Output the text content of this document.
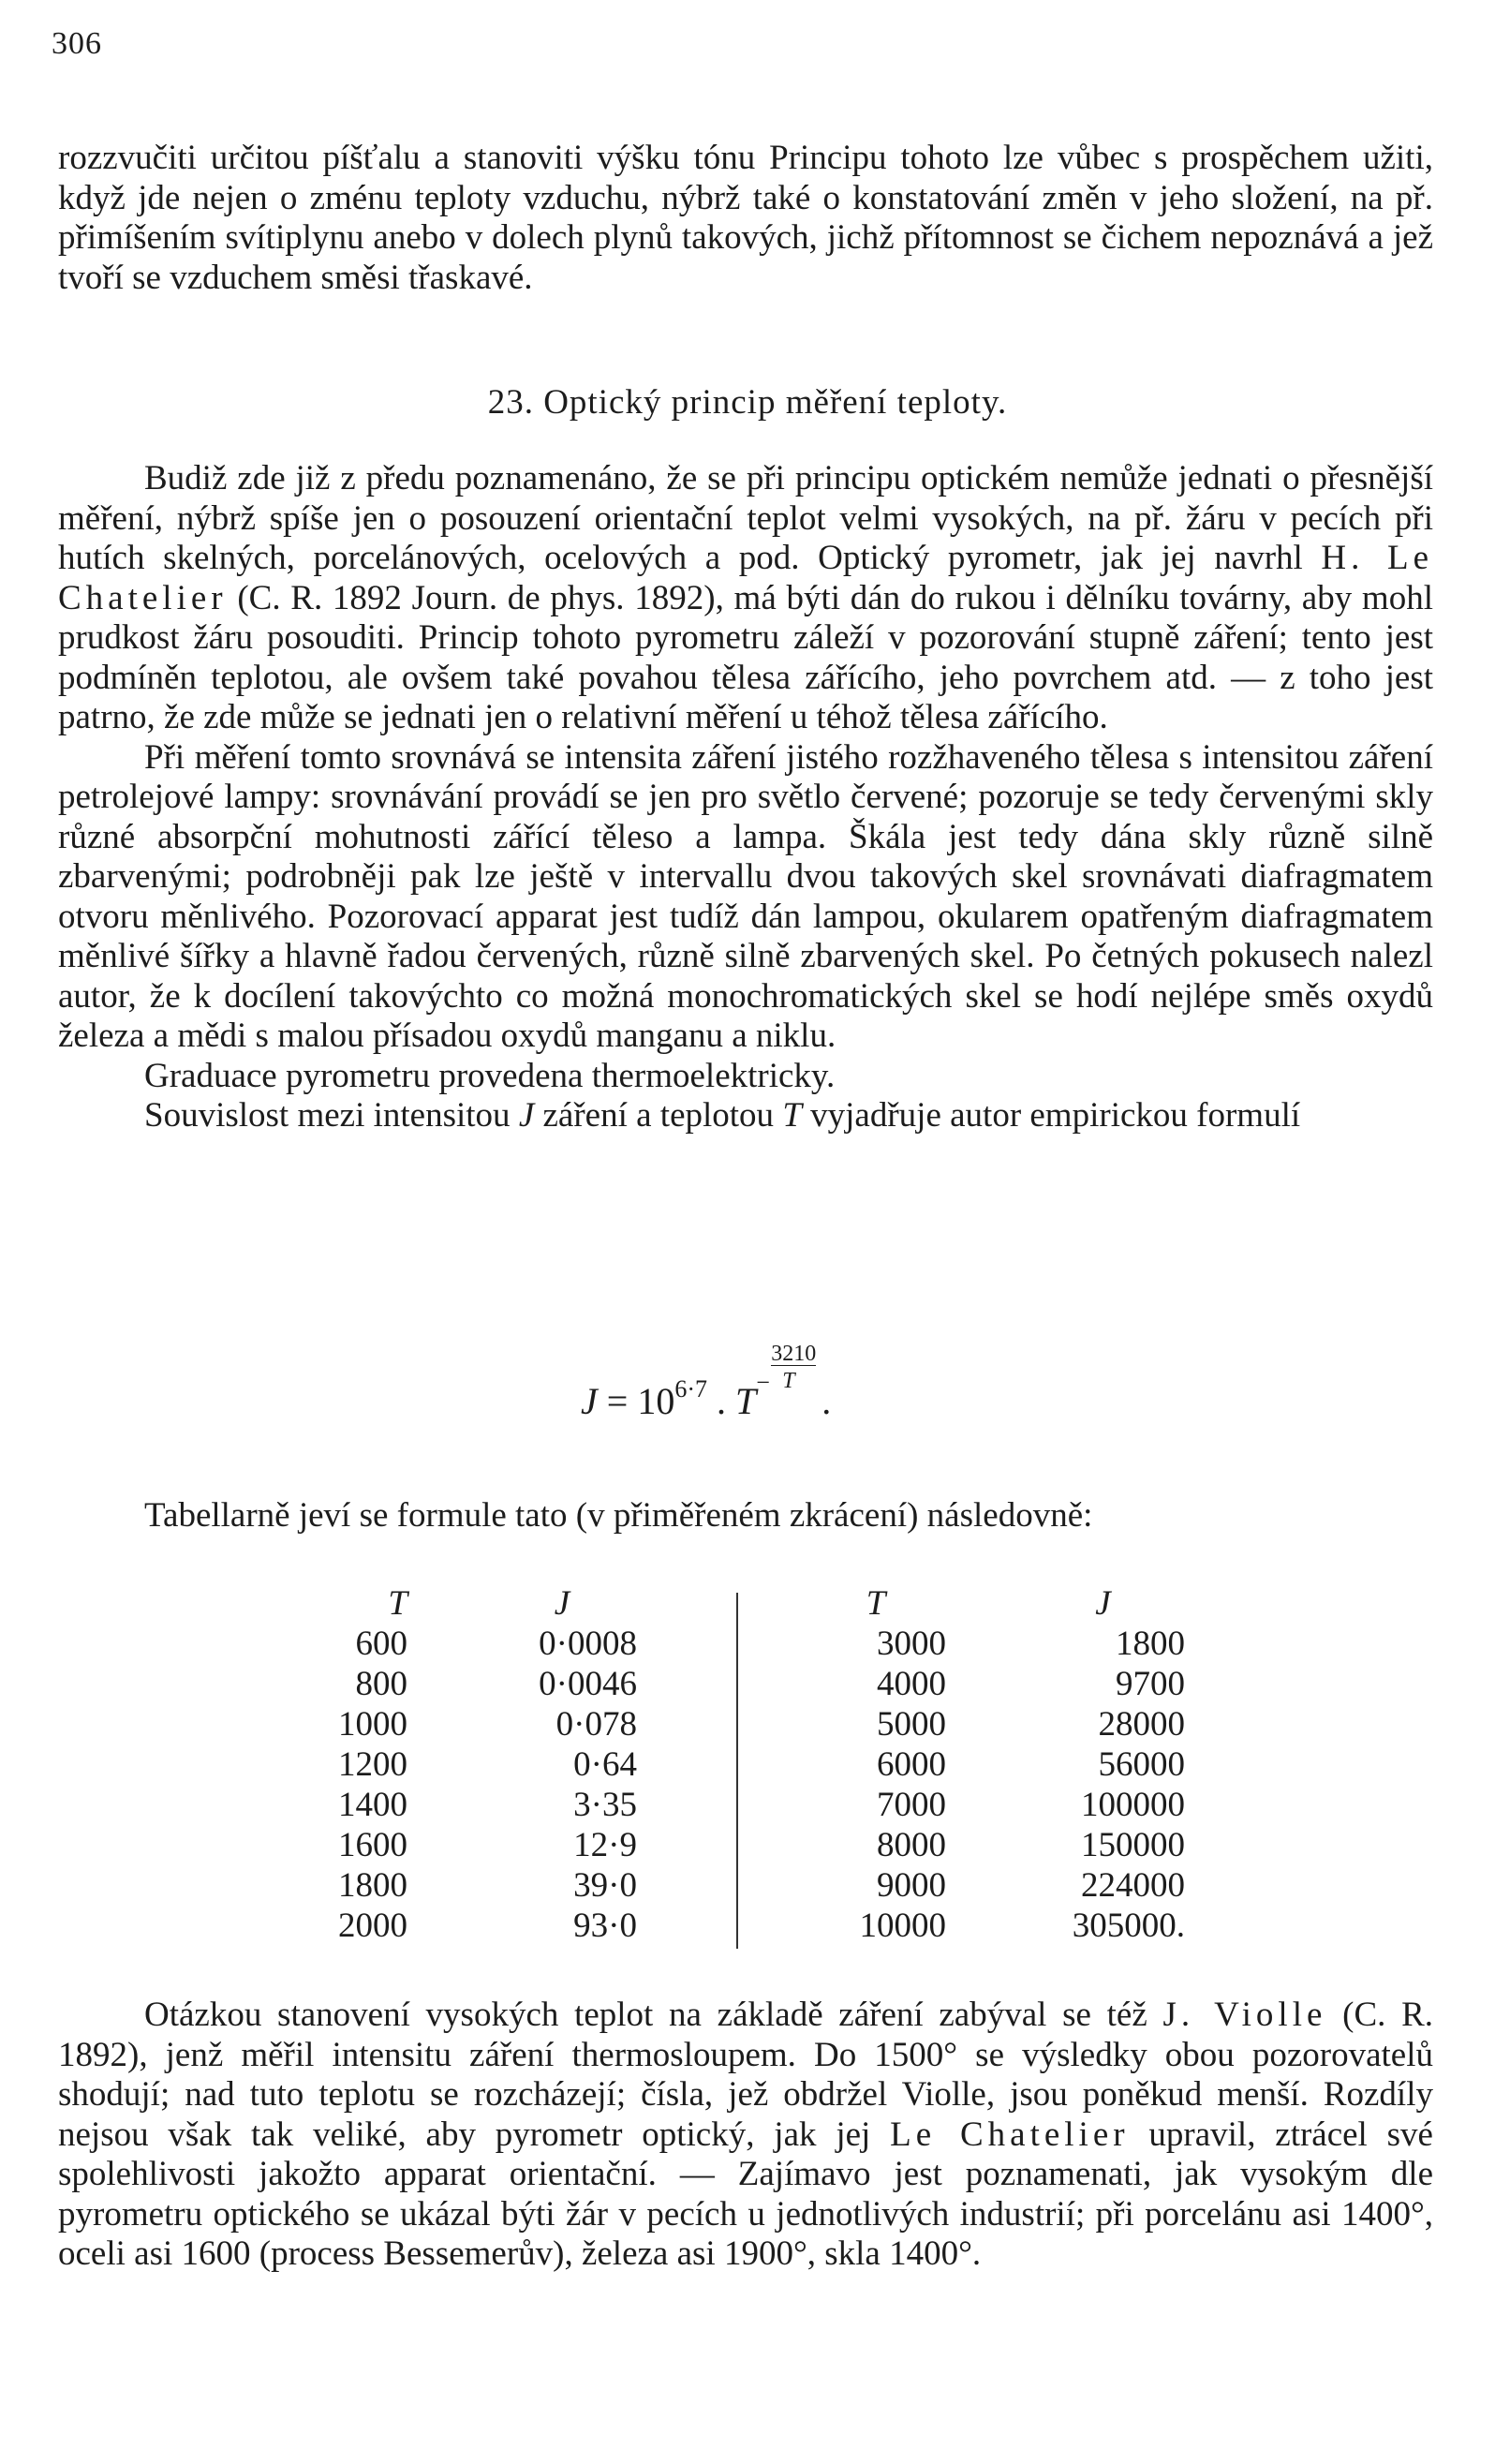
306

rozzvučiti určitou píšťalu a stanoviti výšku tónu Principu tohoto lze vůbec s prospěchem užiti, když jde nejen o zménu teploty vzduchu, nýbrž také o konstatování změn v jeho složení, na př. přimíšením svítiplynu anebo v dolech plynů takových, jichž přítomnost se čichem nepoznává a jež tvoří se vzduchem směsi třaskavé.

23. Optický princip měření teploty.

Budiž zde již z předu poznamenáno, že se při principu optickém nemůže jednati o přesnější měření, nýbrž spíše jen o posouzení orientační teplot velmi vysokých, na př. žáru v pecích při hutích skelných, porcelánových, ocelových a pod. Optický pyrometr, jak jej navrhl H. Le Chatelier (C. R. 1892 Journ. de phys. 1892), má býti dán do rukou i dělníku továrny, aby mohl prudkost žáru posouditi. Princip tohoto pyrometru záleží v pozorování stupně záření; tento jest podmíněn teplotou, ale ovšem také povahou tělesa zářícího, jeho povrchem atd. — z toho jest patrno, že zde může se jednati jen o relativní měření u téhož tělesa zářícího.

Při měření tomto srovnává se intensita záření jistého rozžhaveného tělesa s intensitou záření petrolejové lampy: srovnávání provádí se jen pro světlo červené; pozoruje se tedy červenými skly různé absorpční mohutnosti zářící těleso a lampa. Škála jest tedy dána skly různě silně zbarvenými; podrobněji pak lze ještě v intervallu dvou takových skel srovnávati diafragmatem otvoru měnlivého. Pozorovací apparat jest tudíž dán lampou, okularem opatřeným diafragmatem měnlivé šířky a hlavně řadou červených, různě silně zbarvených skel. Po četných pokusech nalezl autor, že k docílení takovýchto co možná monochromatických skel se hodí nejlépe směs oxydů železa a mědi s malou přísadou oxydů manganu a niklu.

Graduace pyrometru provedena thermoelektricky.

Souvislost mezi intensitou J záření a teplotou T vyjadřuje autor empirickou formulí

$J = 10^{6\cdot 7}$ . T −
3210
T .

Tabellarně jeví se formule tato (v přiměřeném zkrácení) následovně:

T
600
800
1000
1200
1400
1600
1800
2000
J
0·0008
0·0046
0·078
0·64
3·35
12·9
39·0
93·0
T
3000
4000
5000
6000
7000
8000
9000
10000
J
1800
9700
28000
56000
100000
150000
224000
305000.

Otázkou stanovení vysokých teplot na základě záření zabýval se též J. Violle (C. R. 1892), jenž měřil intensitu záření thermosloupem. Do 1500° se výsledky obou pozorovatelů shodují; nad tuto teplotu se rozcházejí; čísla, jež obdržel Violle, jsou poněkud menší. Rozdíly nejsou však tak veliké, aby pyrometr optický, jak jej Le Chatelier upravil, ztrácel své spolehlivosti jakožto apparat orientační. — Zajímavo jest poznamenati, jak vysokým dle pyrometru optického se ukázal býti žár v pecích u jednotlivých industrií; při porcelánu asi 1400°, oceli asi 1600 (process Bessemerův), železa asi 1900°, skla 1400°.
